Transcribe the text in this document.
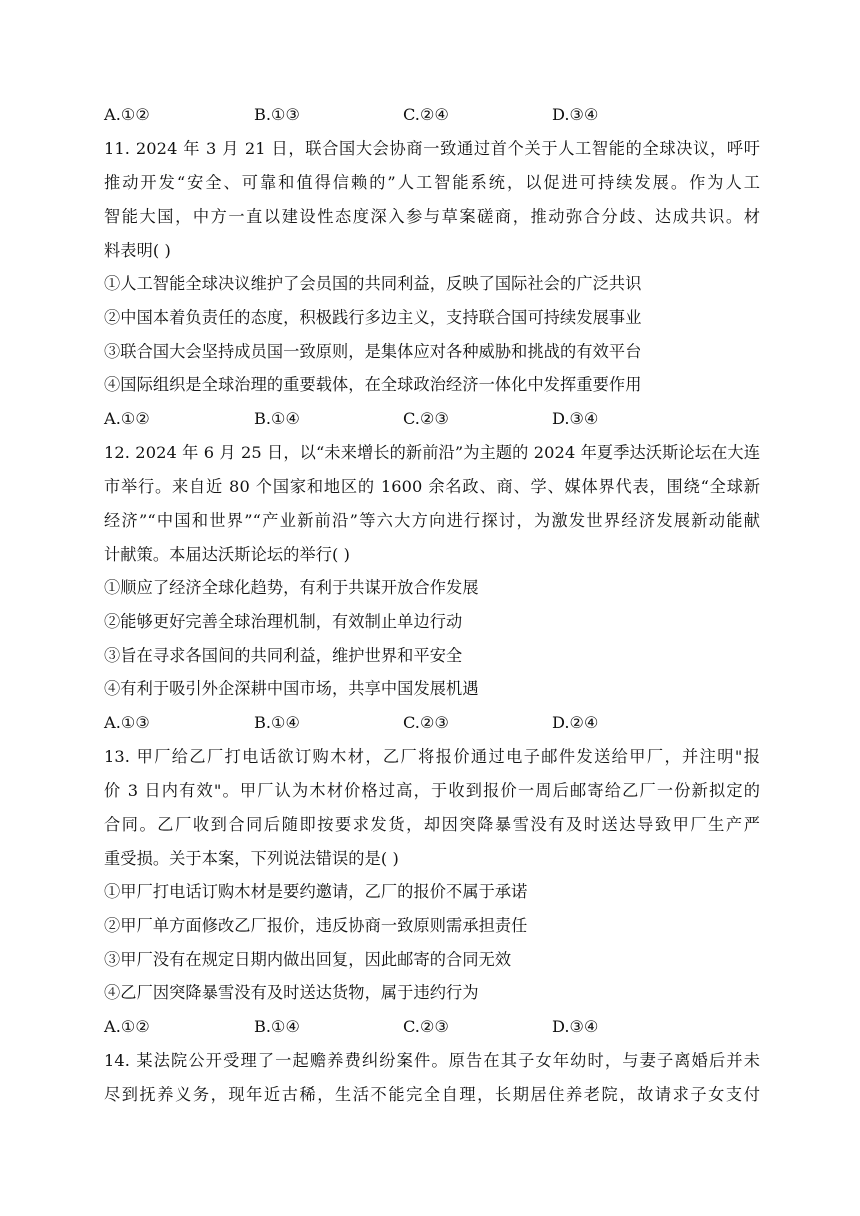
A.①②	B.①③	C.②④	D.③④
11. 2024 年 3 月 21 日，联合国大会协商一致通过首个关于人工智能的全球决议，呼吁
推动开发“安全、可靠和值得信赖的”人工智能系统，以促进可持续发展。作为人工
智能大国，中方一直以建设性态度深入参与草案磋商，推动弥合分歧、达成共识。材
料表明( )
①人工智能全球决议维护了会员国的共同利益，反映了国际社会的广泛共识
②中国本着负责任的态度，积极践行多边主义，支持联合国可持续发展事业
③联合国大会坚持成员国一致原则，是集体应对各种威胁和挑战的有效平台
④国际组织是全球治理的重要载体，在全球政治经济一体化中发挥重要作用
A.①②	B.①④	C.②③	D.③④
12. 2024 年 6 月 25 日，以“未来增长的新前沿”为主题的 2024 年夏季达沃斯论坛在大连
市举行。来自近 80 个国家和地区的 1600 余名政、商、学、媒体界代表，围绕“全球新
经济”“中国和世界”“产业新前沿”等六大方向进行探讨，为激发世界经济发展新动能献
计献策。本届达沃斯论坛的举行( )
①顺应了经济全球化趋势，有利于共谋开放合作发展
②能够更好完善全球治理机制，有效制止单边行动
③旨在寻求各国间的共同利益，维护世界和平安全
④有利于吸引外企深耕中国市场，共享中国发展机遇
A.①③	B.①④	C.②③	D.②④
13. 甲厂给乙厂打电话欲订购木材，乙厂将报价通过电子邮件发送给甲厂，并注明"报
价 3 日内有效"。甲厂认为木材价格过高，于收到报价一周后邮寄给乙厂一份新拟定的
合同。乙厂收到合同后随即按要求发货，却因突降暴雪没有及时送达导致甲厂生产严
重受损。关于本案，下列说法错误的是( )
①甲厂打电话订购木材是要约邀请，乙厂的报价不属于承诺
②甲厂单方面修改乙厂报价，违反协商一致原则需承担责任
③甲厂没有在规定日期内做出回复，因此邮寄的合同无效
④乙厂因突降暴雪没有及时送达货物，属于违约行为
A.①②	B.①④	C.②③	D.③④
14. 某法院公开受理了一起赡养费纠纷案件。原告在其子女年幼时，与妻子离婚后并未
尽到抚养义务，现年近古稀，生活不能完全自理，长期居住养老院，故请求子女支付
